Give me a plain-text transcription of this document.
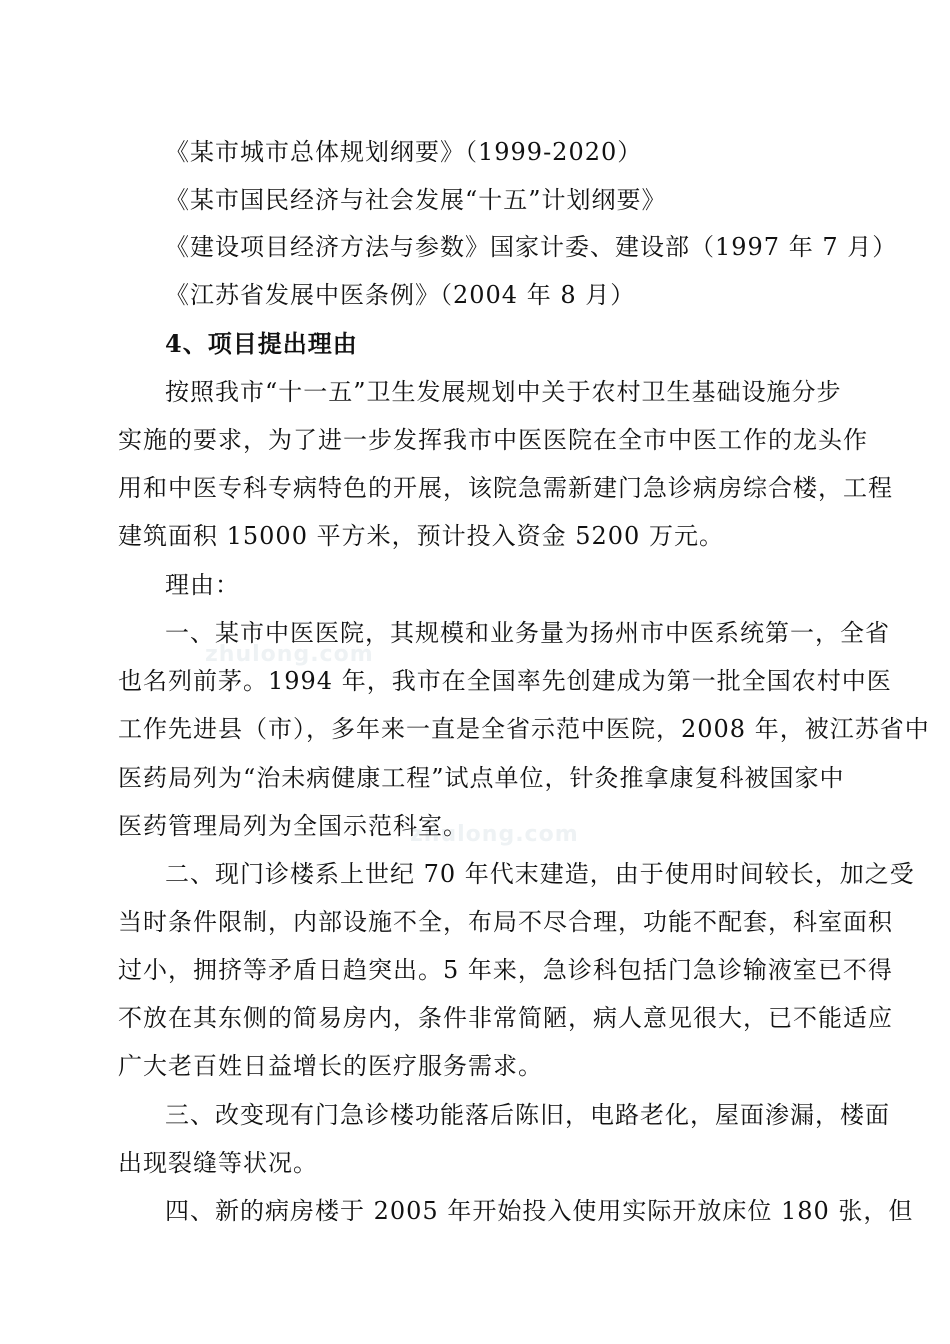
zhulong.com
zhulong.com
《某市城市总体规划纲要》（1999-2020）
《某市国民经济与社会发展“十五”计划纲要》
《建设项目经济方法与参数》国家计委、建设部（1997 年 7 月）
《江苏省发展中医条例》（2004 年 8 月）
4、项目提出理由
按照我市“十一五”卫生发展规划中关于农村卫生基础设施分步
实施的要求，为了进一步发挥我市中医医院在全市中医工作的龙头作
用和中医专科专病特色的开展，该院急需新建门急诊病房综合楼，工程
建筑面积 15000 平方米，预计投入资金 5200 万元。
理由：
一、某市中医医院，其规模和业务量为扬州市中医系统第一，全省
也名列前茅。1994 年，我市在全国率先创建成为第一批全国农村中医
工作先进县（市），多年来一直是全省示范中医院，2008 年，被江苏省中
医药局列为“治未病健康工程”试点单位，针灸推拿康复科被国家中
医药管理局列为全国示范科室。
二、现门诊楼系上世纪 70 年代末建造，由于使用时间较长，加之受
当时条件限制，内部设施不全，布局不尽合理，功能不配套，科室面积
过小，拥挤等矛盾日趋突出。5 年来，急诊科包括门急诊输液室已不得
不放在其东侧的简易房内，条件非常简陋，病人意见很大，已不能适应
广大老百姓日益增长的医疗服务需求。
三、改变现有门急诊楼功能落后陈旧，电路老化，屋面渗漏，楼面
出现裂缝等状况。
四、新的病房楼于 2005 年开始投入使用实际开放床位 180 张，但
